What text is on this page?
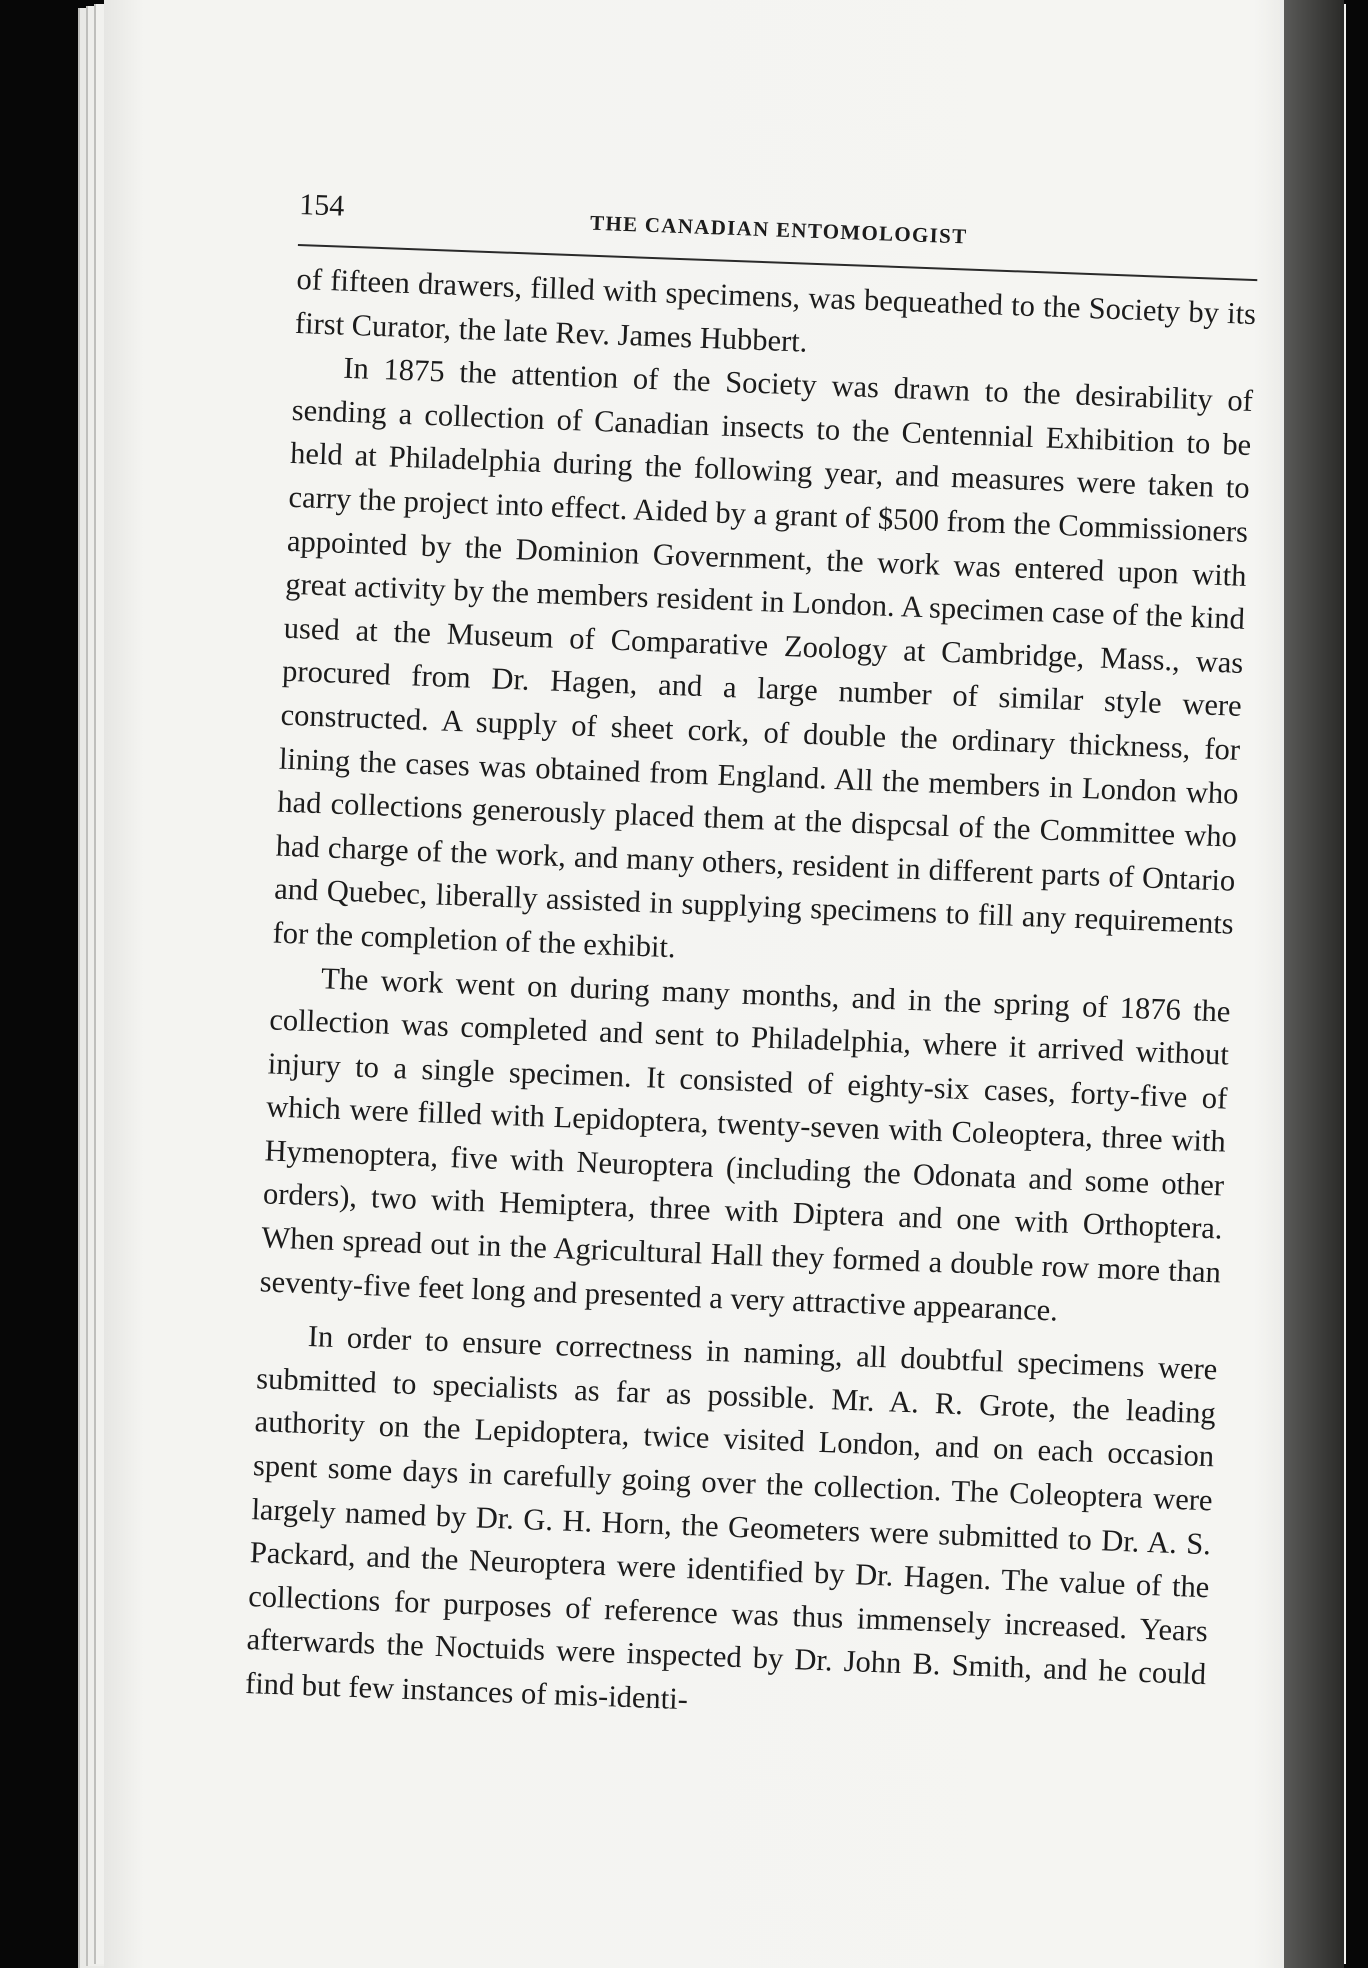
154
THE CANADIAN ENTOMOLOGIST

of fifteen drawers, filled with specimens, was bequeathed to the Society by its first Curator, the late Rev. James Hubbert.

In 1875 the attention of the Society was drawn to the desirability of sending a collection of Canadian insects to the Centennial Exhibition to be held at Philadelphia during the following year, and measures were taken to carry the project into effect. Aided by a grant of $500 from the Commissioners appointed by the Dominion Government, the work was entered upon with great activity by the members resident in London. A specimen case of the kind used at the Museum of Comparative Zoology at Cambridge, Mass., was procured from Dr. Hagen, and a large number of similar style were constructed. A supply of sheet cork, of double the ordinary thickness, for lining the cases was obtained from England. All the members in London who had collections generously placed them at the dispcsal of the Committee who had charge of the work, and many others, resident in different parts of Ontario and Quebec, liberally assisted in supplying specimens to fill any requirements for the completion of the exhibit.

The work went on during many months, and in the spring of 1876 the collection was completed and sent to Philadelphia, where it arrived without injury to a single specimen. It consisted of eighty-six cases, forty-five of which were filled with Lepidoptera, twenty-seven with Coleoptera, three with Hymenoptera, five with Neuroptera (including the Odonata and some other orders), two with Hemiptera, three with Diptera and one with Orthoptera. When spread out in the Agricultural Hall they formed a double row more than seventy-five feet long and presented a very attractive appearance.

In order to ensure correctness in naming, all doubtful specimens were submitted to specialists as far as possible. Mr. A. R. Grote, the leading authority on the Lepidoptera, twice visited London, and on each occasion spent some days in carefully going over the collection. The Coleoptera were largely named by Dr. G. H. Horn, the Geometers were submitted to Dr. A. S. Packard, and the Neuroptera were identified by Dr. Hagen. The value of the collections for purposes of reference was thus immensely increased. Years afterwards the Noctuids were inspected by Dr. John B. Smith, and he could find but few instances of mis-identi-
